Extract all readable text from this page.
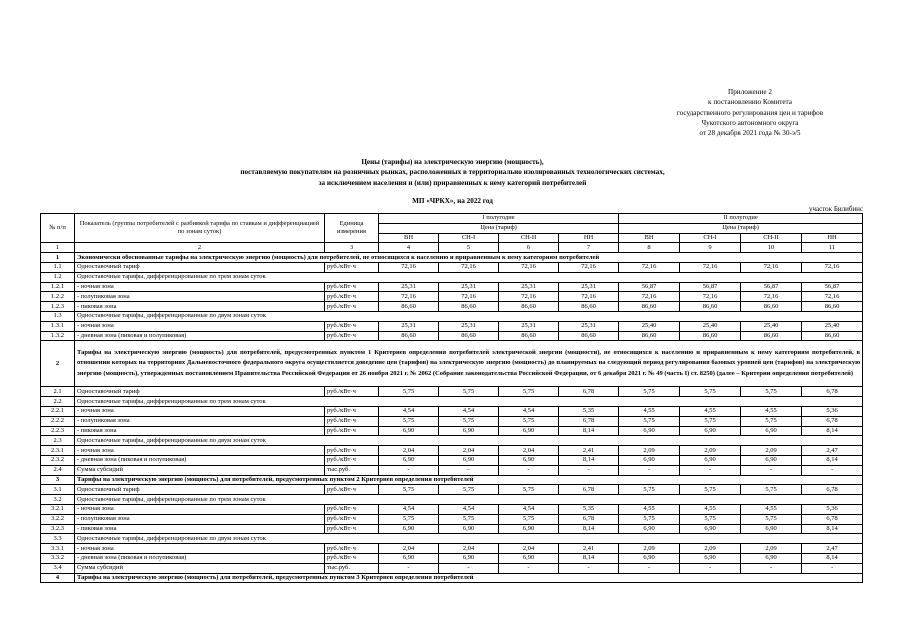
Приложение 2
к постановлению Комитета
государственного регулирования цен и тарифов
Чукотского автономного округа
от 28 декабря 2021 года № 30-э/5
Цены (тарифы) на электрическую энергию (мощность),
поставляемую покупателям на розничных рынках, расположенных в территориально изолированных технологических системах,
за исключением населения и (или) приравненных к нему категорий потребителей
МП «ЧРКХ», на 2022 год
участок Билибинс
№ п/п	Показатель (группы потребителей с разбивкой тарифа по ставкам и дифференциацией по зонам суток)	Единица измерения	I полугодие				II полугодие			
			Цена (тариф)				Цена (тариф)			
			ВН	СН-I	СН-II	НН	ВН	СН-I	СН-II	НН
1	2	3	4	5	6	7	8	9	10	11
1	Экономически обоснованные тарифы на электрическую энергию (мощность) для потребителей, не относящихся к населению и приравненным к нему категориям потребителей									
1.1	Одноставочный тариф	руб./кВт·ч	72,16	72,16	72,16	72,16	72,16	72,16	72,16	72,16
1.2	Одноставочные тарифы, дифференцированные по трем зонам суток									
1.2.1	- ночная зона	руб./кВт·ч	25,31	25,31	25,31	25,31	56,87	56,87	56,87	56,87
1.2.2	- полупиковая зона	руб./кВт·ч	72,16	72,16	72,16	72,16	72,16	72,16	72,16	72,16
1.2.3	- пиковая зона	руб./кВт·ч	86,60	86,60	86,60	86,60	86,60	86,60	86,60	86,60
1.3	Одноставочные тарифы, дифференцированные по двум зонам суток									
1.3.1	- ночная зона	руб./кВт·ч	25,31	25,31	25,31	25,31	25,40	25,40	25,40	25,40
1.3.2	- дневная зона (пиковая и полупиковая)	руб./кВт·ч	86,60	86,60	86,60	86,60	86,60	86,60	86,60	86,60
2	Тарифы на электрическую энергию (мощность) для потребителей, предусмотренных пунктом 1 Критериев определения потребителей электрической энергии (мощности), не относящихся к населению и приравненным к нему категориям потребителей, в отношении которых на территориях Дальневосточного федерального округа осуществляется доведение цен (тарифов) на электрическую энергию (мощность) до планируемых на следующий период регулирования базовых уровней цен (тарифов) на электрическую энергию (мощность), утвержденных постановлением Правительства Российской Федерации от 26 ноября 2021 г. № 2062 (Собрание законодательства Российской Федерации, от 6 декабря 2021 г. № 49 (часть I) ст. 8250) (далее – Критерии определения потребителей)									
2.1	Одноставочный тариф	руб./кВт·ч	5,75	5,75	5,75	6,78	5,75	5,75	5,75	6,78
2.2	Одноставочные тарифы, дифференцированные по трем зонам суток									
2.2.1	- ночная зона	руб./кВт·ч	4,54	4,54	4,54	5,35	4,55	4,55	4,55	5,36
2.2.2	- полупиковая зона	руб./кВт·ч	5,75	5,75	5,75	6,78	5,75	5,75	5,75	6,78
2.2.3	- пиковая зона	руб./кВт·ч	6,90	6,90	6,90	8,14	6,90	6,90	6,90	8,14
2.3	Одноставочные тарифы, дифференцированные по двум зонам суток									
2.3.1	- ночная зона	руб./кВт·ч	2,04	2,04	2,04	2,41	2,09	2,09	2,09	2,47
2.3.2	- дневная зона (пиковая и полупиковая)	руб./кВт·ч	6,90	6,90	6,90	8,14	6,90	6,90	6,90	8,14
2.4	Сумма субсидий	тыс.руб.	-	-	-	-	-	-	-	-
3	Тарифы на электрическую энергию (мощность) для потребителей, предусмотренных пунктом 2 Критериев определения потребителей									
3.1	Одноставочный тариф	руб./кВт·ч	5,75	5,75	5,75	6,78	5,75	5,75	5,75	6,78
3.2	Одноставочные тарифы, дифференцированные по трем зонам суток									
3.2.1	- ночная зона	руб./кВт·ч	4,54	4,54	4,54	5,35	4,55	4,55	4,55	5,36
3.2.2	- полупиковая зона	руб./кВт·ч	5,75	5,75	5,75	6,78	5,75	5,75	5,75	6,78
3.2.3	- пиковая зона	руб./кВт·ч	6,90	6,90	6,90	8,14	6,90	6,90	6,90	8,14
3.3	Одноставочные тарифы, дифференцированные по двум зонам суток									
3.3.1	- ночная зона	руб./кВт·ч	2,04	2,04	2,04	2,41	2,09	2,09	2,09	2,47
3.3.2	- дневная зона (пиковая и полупиковая)	руб./кВт·ч	6,90	6,90	6,90	8,14	6,90	6,90	6,90	8,14
3.4	Сумма субсидий	тыс.руб.	-	-	-	-	-	-	-	-
4	Тарифы на электрическую энергию (мощность) для потребителей, предусмотренных пунктом 3 Критериев определения потребителей									
